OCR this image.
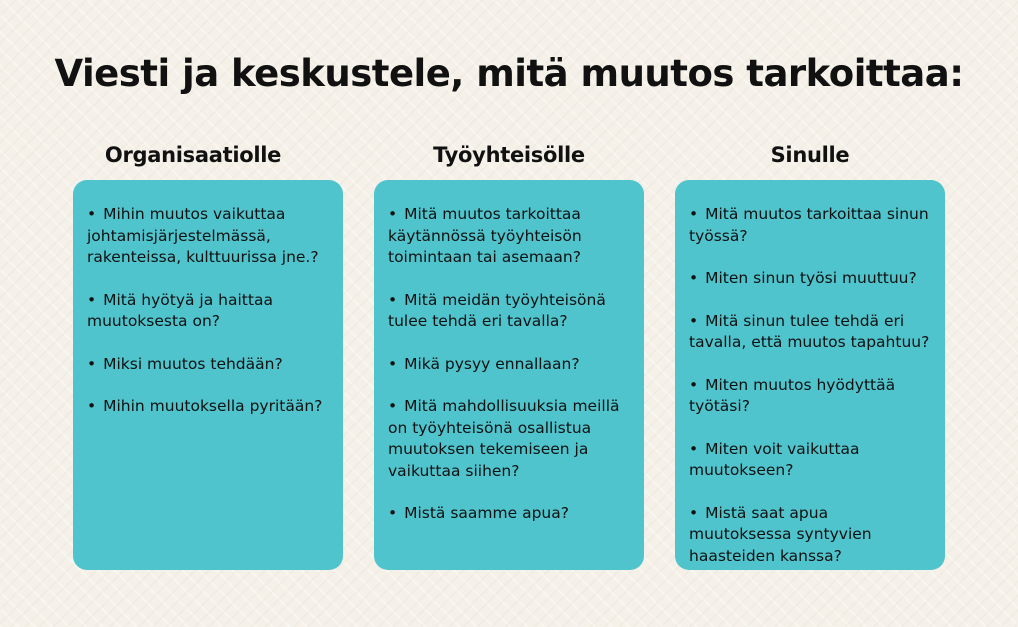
Viesti ja keskustele, mitä muutos tarkoittaa:
Organisaatiolle	Työyhteisölle	Sinulle
• Mihin muutos vaikuttaa johtamisjärjestelmässä, rakenteissa, kulttuurissa jne.?
• Mitä hyötyä ja haittaa muutoksesta on?
• Miksi muutos tehdään?
• Mihin muutoksella pyritään?
• Mitä muutos tarkoittaa käytännössä työyhteisön toimintaan tai asemaan?
• Mitä meidän työyhteisönä tulee tehdä eri tavalla?
• Mikä pysyy ennallaan?
• Mitä mahdollisuuksia meillä on työyhteisönä osallistua muutoksen tekemiseen ja vaikuttaa siihen?
• Mistä saamme apua?
• Mitä muutos tarkoittaa sinun työssä?
• Miten sinun työsi muuttuu?
• Mitä sinun tulee tehdä eri tavalla, että muutos tapahtuu?
• Miten muutos hyödyttää työtäsi?
• Miten voit vaikuttaa muutokseen?
• Mistä saat apua muutoksessa syntyvien haasteiden kanssa?
